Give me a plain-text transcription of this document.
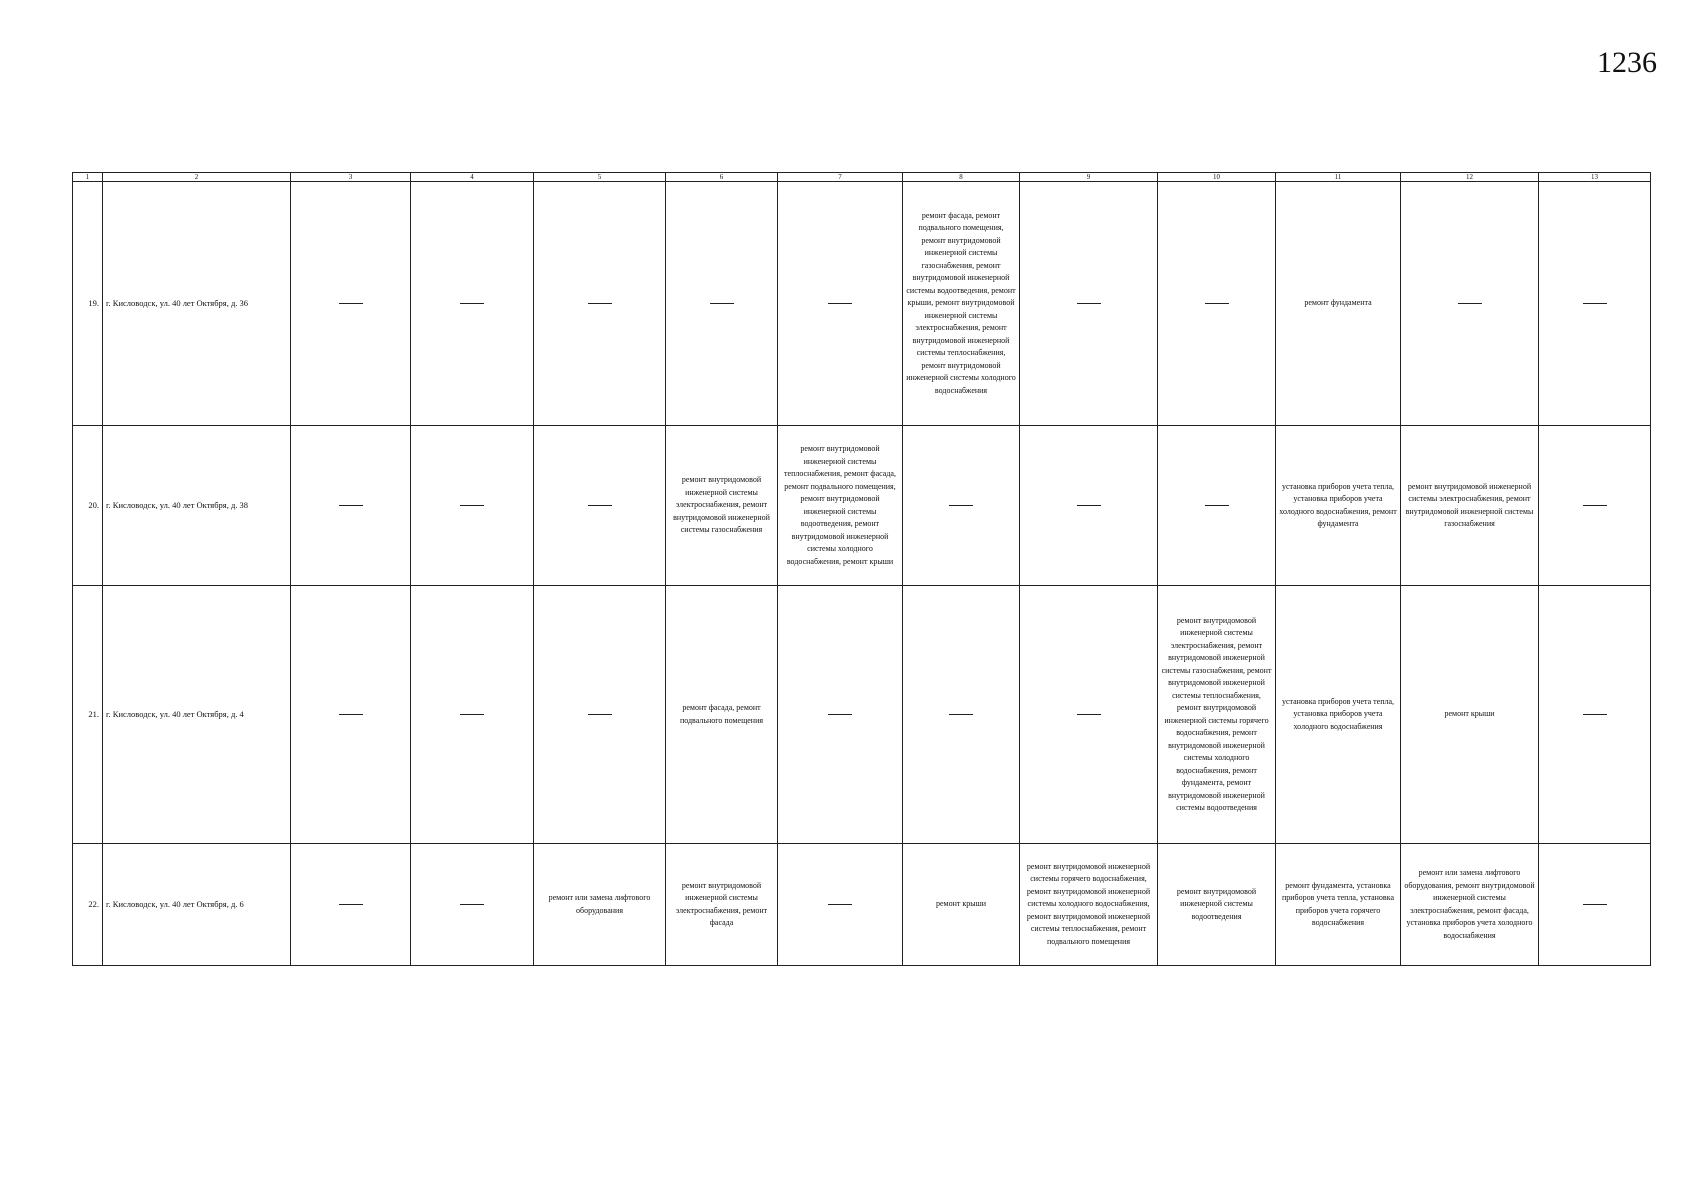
1236
1	2	3	4	5	6	7	8	9	10	11	12	13
19.	г. Кисловодск, ул. 40 лет Октября, д. 36						ремонт фасада, ремонт подвального помещения, ремонт внутридомовой инженерной системы газоснабжения, ремонт внутридомовой инженерной системы водоотведения, ремонт крыши, ремонт внутридомовой инженерной системы электроснабжения, ремонт внутридомовой инженерной системы теплоснабжения, ремонт внутридомовой инженерной системы холодного водоснабжения			ремонт фундамента		
20.	г. Кисловодск, ул. 40 лет Октября, д. 38				ремонт внутридомовой инженерной системы электроснабжения, ремонт внутридомовой инженерной системы газоснабжения	ремонт внутридомовой инженерной системы теплоснабжения, ремонт фасада, ремонт подвального помещения, ремонт внутридомовой инженерной системы водоотведения, ремонт внутридомовой инженерной системы холодного водоснабжения, ремонт крыши				установка приборов учета тепла, установка приборов учета холодного водоснабжения, ремонт фундамента	ремонт внутридомовой инженерной системы электроснабжения, ремонт внутридомовой инженерной системы газоснабжения	
21.	г. Кисловодск, ул. 40 лет Октября, д. 4				ремонт фасада, ремонт подвального помещения				ремонт внутридомовой инженерной системы электроснабжения, ремонт внутридомовой инженерной системы газоснабжения, ремонт внутридомовой инженерной системы теплоснабжения, ремонт внутридомовой инженерной системы горячего водоснабжения, ремонт внутридомовой инженерной системы холодного водоснабжения, ремонт фундамента, ремонт внутридомовой инженерной системы водоотведения	установка приборов учета тепла, установка приборов учета холодного водоснабжения	ремонт крыши	
22.	г. Кисловодск, ул. 40 лет Октября, д. 6			ремонт или замена лифтового оборудования	ремонт внутридомовой инженерной системы электроснабжения, ремонт фасада		ремонт крыши	ремонт внутридомовой инженерной системы горячего водоснабжения, ремонт внутридомовой инженерной системы холодного водоснабжения, ремонт внутридомовой инженерной системы теплоснабжения, ремонт подвального помещения	ремонт внутридомовой инженерной системы водоотведения	ремонт фундамента, установка приборов учета тепла, установка приборов учета горячего водоснабжения	ремонт или замена лифтового оборудования, ремонт внутридомовой инженерной системы электроснабжения, ремонт фасада, установка приборов учета холодного водоснабжения	
